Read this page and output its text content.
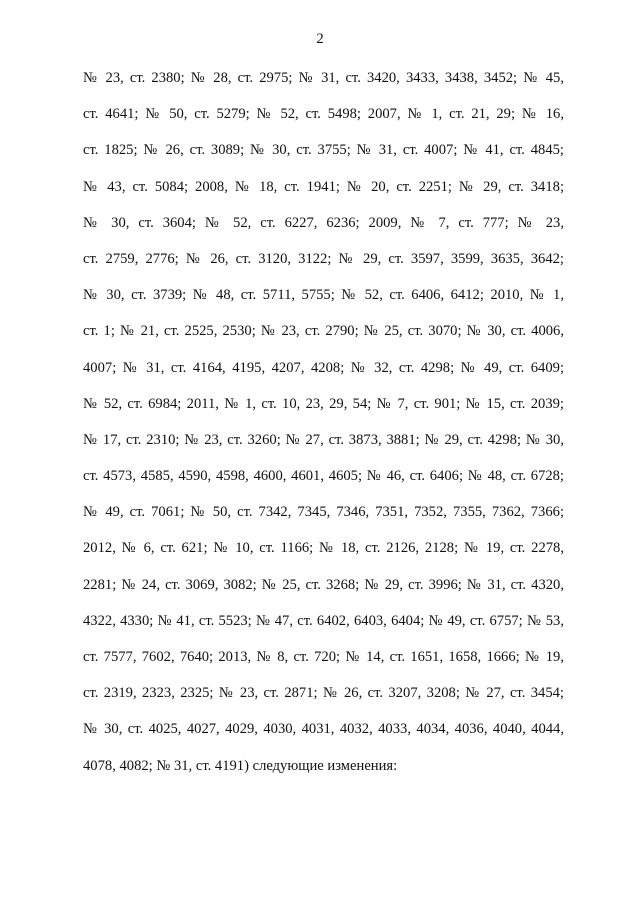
2
№ 23, ст. 2380; № 28, ст. 2975; № 31, ст. 3420, 3433, 3438, 3452; № 45,
ст. 4641; № 50, ст. 5279; № 52, ст. 5498; 2007, № 1, ст. 21, 29; № 16,
ст. 1825; № 26, ст. 3089; № 30, ст. 3755; № 31, ст. 4007; № 41, ст. 4845;
№ 43, ст. 5084; 2008, № 18, ст. 1941; № 20, ст. 2251; № 29, ст. 3418;
№ 30, ст. 3604; № 52, ст. 6227, 6236; 2009, № 7, ст. 777; № 23,
ст. 2759, 2776; № 26, ст. 3120, 3122; № 29, ст. 3597, 3599, 3635, 3642;
№ 30, ст. 3739; № 48, ст. 5711, 5755; № 52, ст. 6406, 6412; 2010, № 1,
ст. 1; № 21, ст. 2525, 2530; № 23, ст. 2790; № 25, ст. 3070; № 30, ст. 4006,
4007; № 31, ст. 4164, 4195, 4207, 4208; № 32, ст. 4298; № 49, ст. 6409;
№ 52, ст. 6984; 2011, № 1, ст. 10, 23, 29, 54; № 7, ст. 901; № 15, ст. 2039;
№ 17, ст. 2310; № 23, ст. 3260; № 27, ст. 3873, 3881; № 29, ст. 4298; № 30,
ст. 4573, 4585, 4590, 4598, 4600, 4601, 4605; № 46, ст. 6406; № 48, ст. 6728;
№ 49, ст. 7061; № 50, ст. 7342, 7345, 7346, 7351, 7352, 7355, 7362, 7366;
2012, № 6, ст. 621; № 10, ст. 1166; № 18, ст. 2126, 2128; № 19, ст. 2278,
2281; № 24, ст. 3069, 3082; № 25, ст. 3268; № 29, ст. 3996; № 31, ст. 4320,
4322, 4330; № 41, ст. 5523; № 47, ст. 6402, 6403, 6404; № 49, ст. 6757; № 53,
ст. 7577, 7602, 7640; 2013, № 8, ст. 720; № 14, ст. 1651, 1658, 1666; № 19,
ст. 2319, 2323, 2325; № 23, ст. 2871; № 26, ст. 3207, 3208; № 27, ст. 3454;
№ 30, ст. 4025, 4027, 4029, 4030, 4031, 4032, 4033, 4034, 4036, 4040, 4044,
4078, 4082; № 31, ст. 4191) следующие изменения:
